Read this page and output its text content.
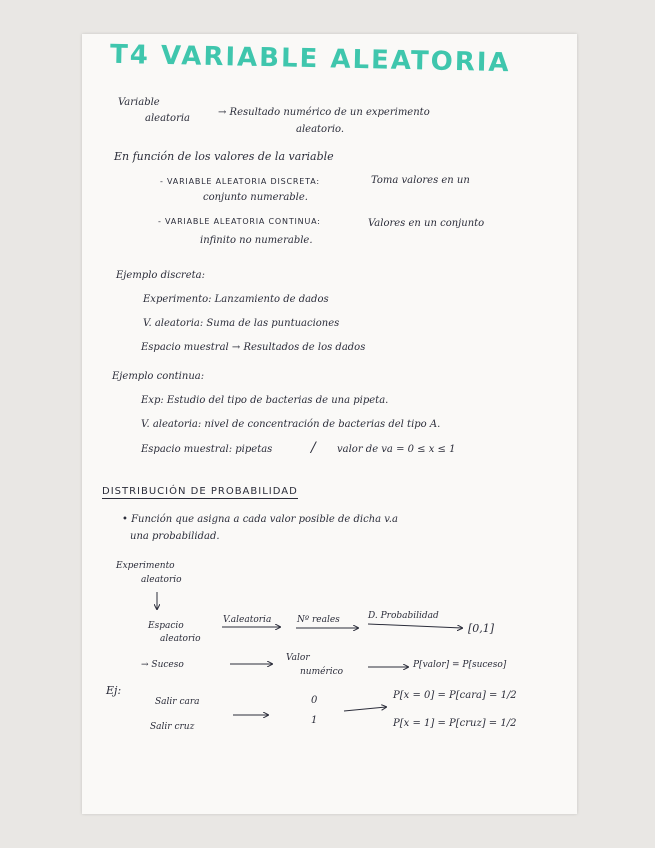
T4 VARIABLE ALEATORIA
Variable
aleatoria
→ Resultado numérico de un experimento
aleatorio.
En función de los valores de la variable
- VARIABLE ALEATORIA DISCRETA:	Toma valores en un
conjunto numerable.
- VARIABLE ALEATORIA CONTINUA:	Valores en un conjunto
infinito no numerable.
Ejemplo discreta:
Experimento: Lanzamiento de dados
V. aleatoria: Suma de las puntuaciones
Espacio muestral → Resultados de los dados
Ejemplo continua:
Exp: Estudio del tipo de bacterias de una pipeta.
V. aleatoria: nivel de concentración de bacterias del tipo A.
Espacio muestral: pipetas	/ valor de va = 0 ≤ x ≤ 1
DISTRIBUCIÓN DE PROBABILIDAD
• Función que asigna a cada valor posible de dicha v.a
una probabilidad.
Experimento
aleatorio
Espacio
aleatorio
V.aleatoria	Nº reales	D. Probabilidad
[0,1]
→ Suceso
Valor
numérico
P[valor] = P[suceso]
Ej:
Salir cara
Salir cruz
0
1
P[x = 0] = P[cara] = 1/2
P[x = 1] = P[cruz] = 1/2
